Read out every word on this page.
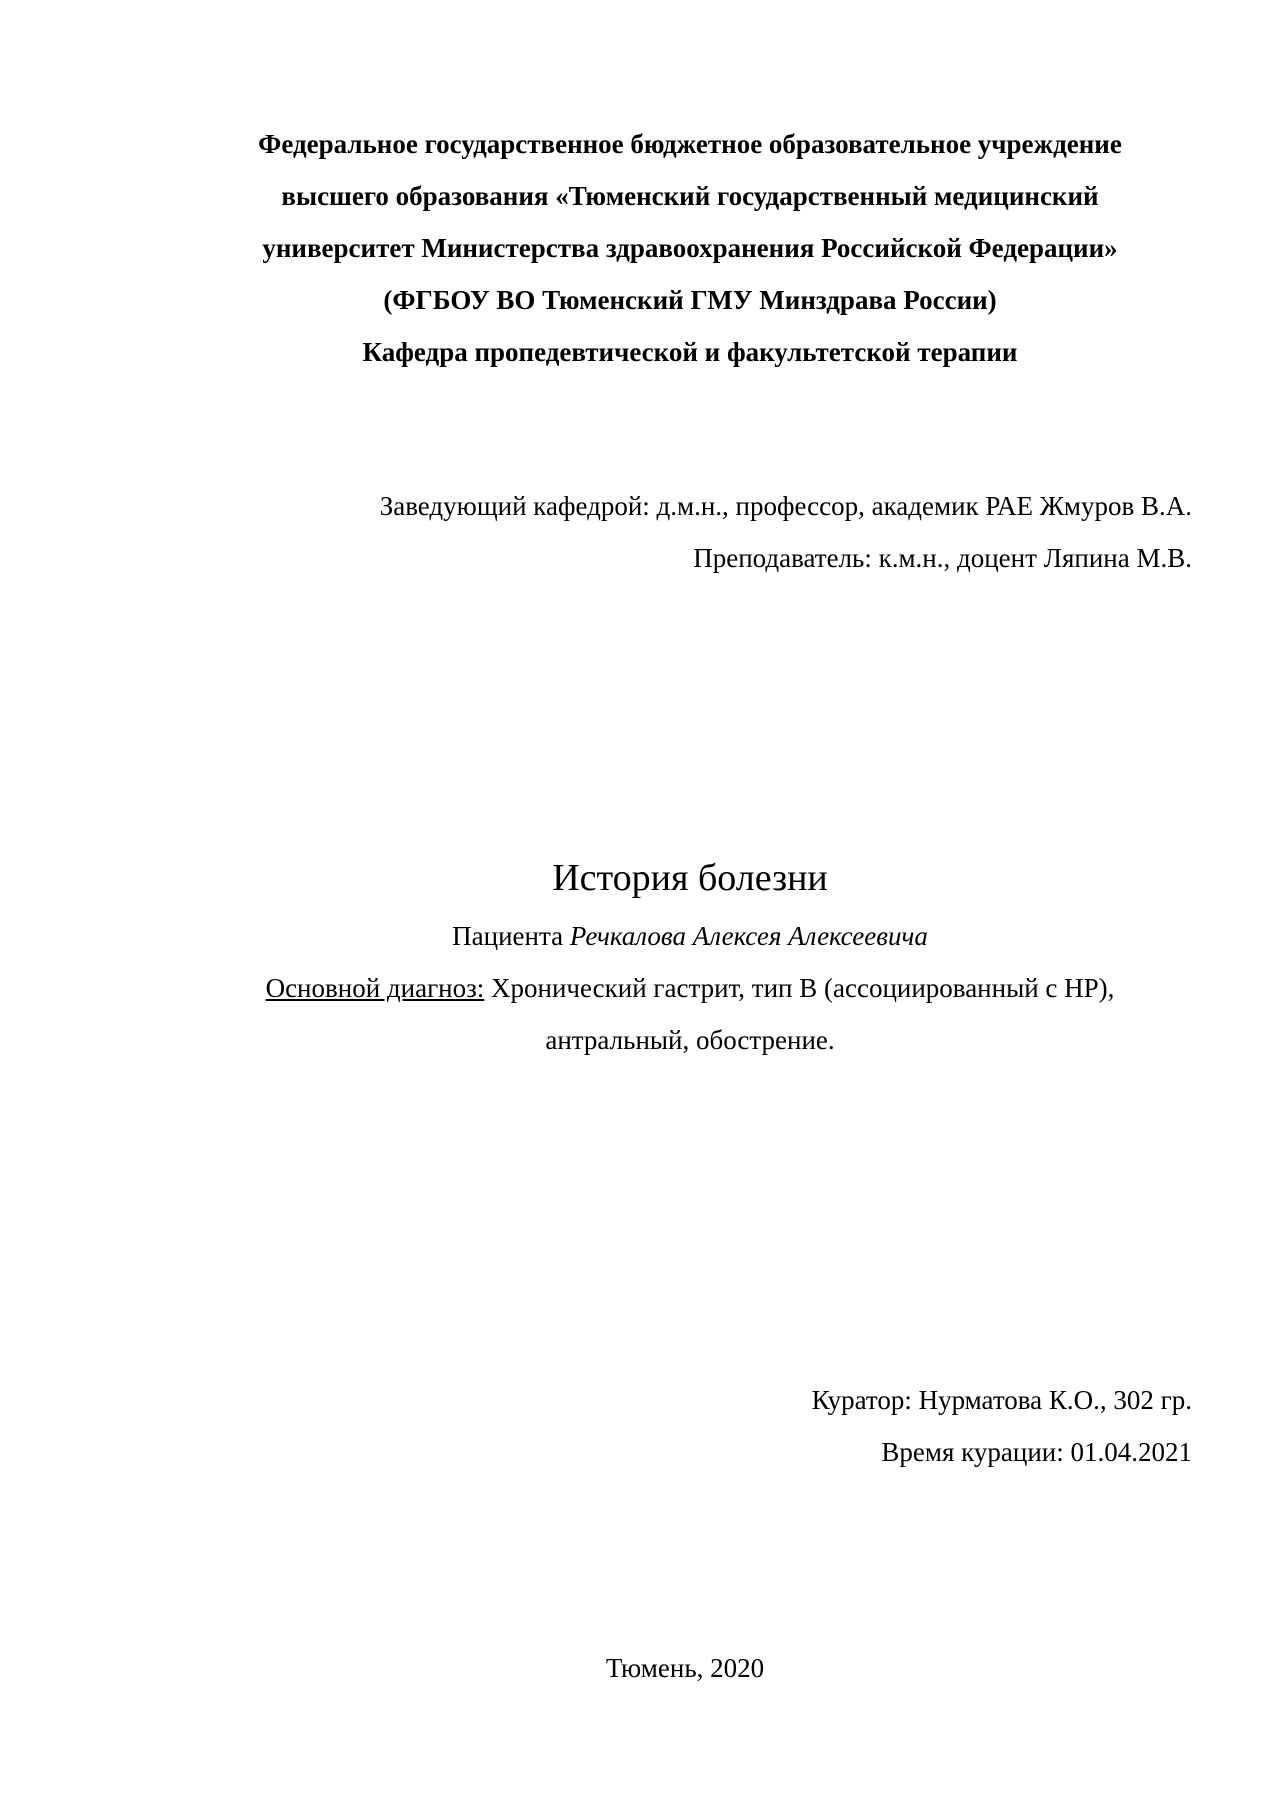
Федеральное государственное бюджетное образовательное учреждение
высшего образования «Тюменский государственный медицинский
университет Министерства здравоохранения Российской Федерации»
(ФГБОУ ВО Тюменский ГМУ Минздрава России)
Кафедра пропедевтической и факультетской терапии
Заведующий кафедрой: д.м.н., профессор, академик РАЕ Жмуров В.А.
Преподаватель: к.м.н., доцент Ляпина М.В.
История болезни
Пациента Речкалова Алексея Алексеевича
Основной диагноз: Хронический гастрит, тип В (ассоциированный с НР),
антральный, обострение.
Куратор: Нурматова К.О., 302 гр.
Время курации: 01.04.2021
Тюмень, 2020
